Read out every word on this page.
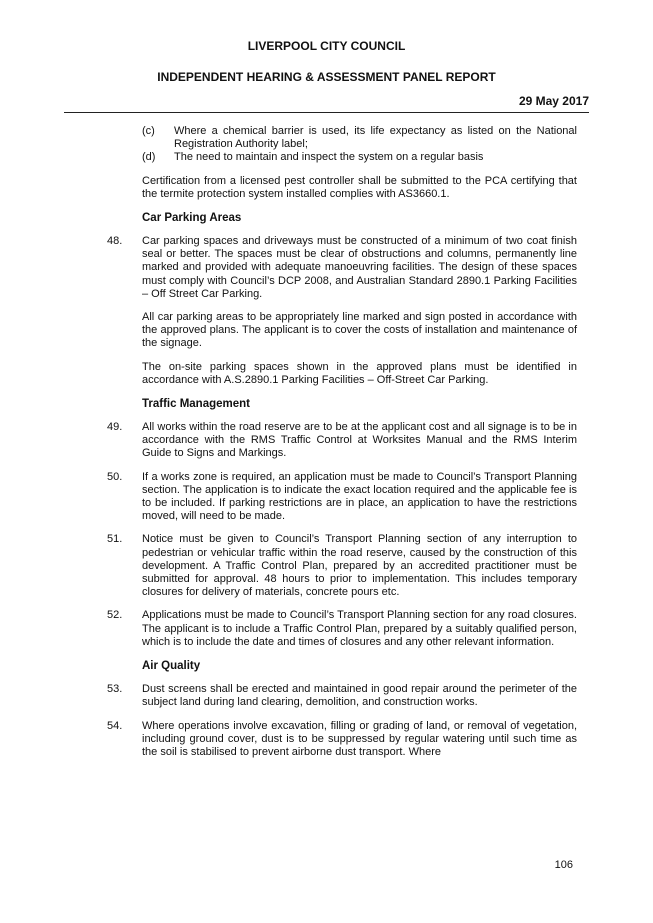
LIVERPOOL CITY COUNCIL
INDEPENDENT HEARING & ASSESSMENT PANEL REPORT
29 May 2017
(c)	Where a chemical barrier is used, its life expectancy as listed on the National Registration Authority label;
(d)	The need to maintain and inspect the system on a regular basis

Certification from a licensed pest controller shall be submitted to the PCA certifying that the termite protection system installed complies with AS3660.1.

Car Parking Areas
48.	Car parking spaces and driveways must be constructed of a minimum of two coat finish seal or better. The spaces must be clear of obstructions and columns, permanently line marked and provided with adequate manoeuvring facilities. The design of these spaces must comply with Council’s DCP 2008, and Australian Standard 2890.1 Parking Facilities – Off Street Car Parking.

All car parking areas to be appropriately line marked and sign posted in accordance with the approved plans. The applicant is to cover the costs of installation and maintenance of the signage.

The on-site parking spaces shown in the approved plans must be identified in accordance with A.S.2890.1 Parking Facilities – Off-Street Car Parking.

Traffic Management
49.	All works within the road reserve are to be at the applicant cost and all signage is to be in accordance with the RMS Traffic Control at Worksites Manual and the RMS Interim Guide to Signs and Markings.
50.	If a works zone is required, an application must be made to Council’s Transport Planning section. The application is to indicate the exact location required and the applicable fee is to be included. If parking restrictions are in place, an application to have the restrictions moved, will need to be made.
51.	Notice must be given to Council’s Transport Planning section of any interruption to pedestrian or vehicular traffic within the road reserve, caused by the construction of this development. A Traffic Control Plan, prepared by an accredited practitioner must be submitted for approval. 48 hours to prior to implementation. This includes temporary closures for delivery of materials, concrete pours etc.
52.	Applications must be made to Council’s Transport Planning section for any road closures. The applicant is to include a Traffic Control Plan, prepared by a suitably qualified person, which is to include the date and times of closures and any other relevant information.
Air Quality
53.	Dust screens shall be erected and maintained in good repair around the perimeter of the subject land during land clearing, demolition, and construction works.
54.	Where operations involve excavation, filling or grading of land, or removal of vegetation, including ground cover, dust is to be suppressed by regular watering until such time as the soil is stabilised to prevent airborne dust transport. Where
106
